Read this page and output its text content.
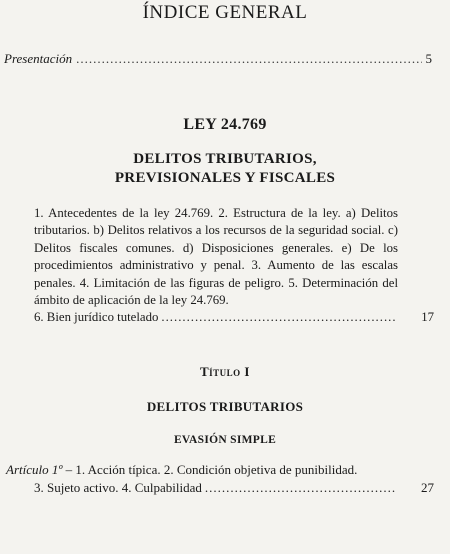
ÍNDICE GENERAL
Presentación .....	5
LEY 24.769
DELITOS TRIBUTARIOS,
PREVISIONALES Y FISCALES
1. Antecedentes de la ley 24.769. 2. Estructura de la ley. a) Delitos tributarios. b) Delitos relativos a los recursos de la seguridad social. c) Delitos fiscales comunes. d) Disposiciones generales. e) De los procedimientos administrativo y penal. 3. Aumento de las escalas penales. 4. Limitación de las figuras de peligro. 5. Determinación del ámbito de aplicación de la ley 24.769.
6. Bien jurídico tutelado .....	17
Título I
DELITOS TRIBUTARIOS
EVASIÓN SIMPLE
Artículo 1º – 1. Acción típica. 2. Condición objetiva de punibilidad.
3. Sujeto activo. 4. Culpabilidad .....	27
